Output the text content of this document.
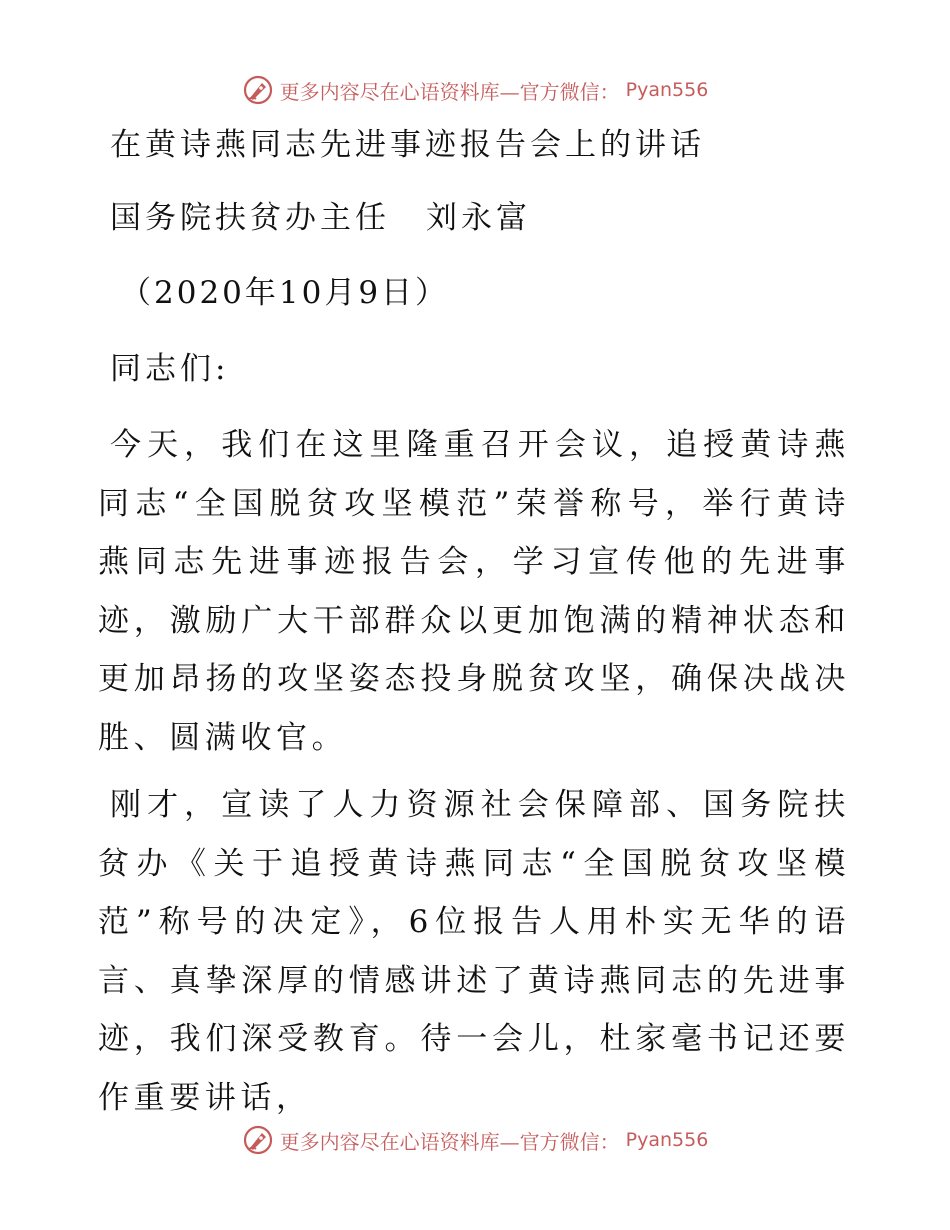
更多内容尽在心语资料库—官方微信： Pyan556
在黄诗燕同志先进事迹报告会上的讲话
国务院扶贫办主任 刘永富
（2020年10月9日）
同志们:
今天，我们在这里隆重召开会议，追授黄诗燕同志“全国脱贫攻坚模范”荣誉称号，举行黄诗燕同志先进事迹报告会，学习宣传他的先进事迹，激励广大干部群众以更加饱满的精神状态和更加昂扬的攻坚姿态投身脱贫攻坚，确保决战决胜、圆满收官。
刚才，宣读了人力资源社会保障部、国务院扶贫办《关于追授黄诗燕同志“全国脱贫攻坚模范”称号的决定》，6位报告人用朴实无华的语言、真挚深厚的情感讲述了黄诗燕同志的先进事迹，我们深受教育。待一会儿，杜家毫书记还要作重要讲话，
更多内容尽在心语资料库—官方微信： Pyan556
